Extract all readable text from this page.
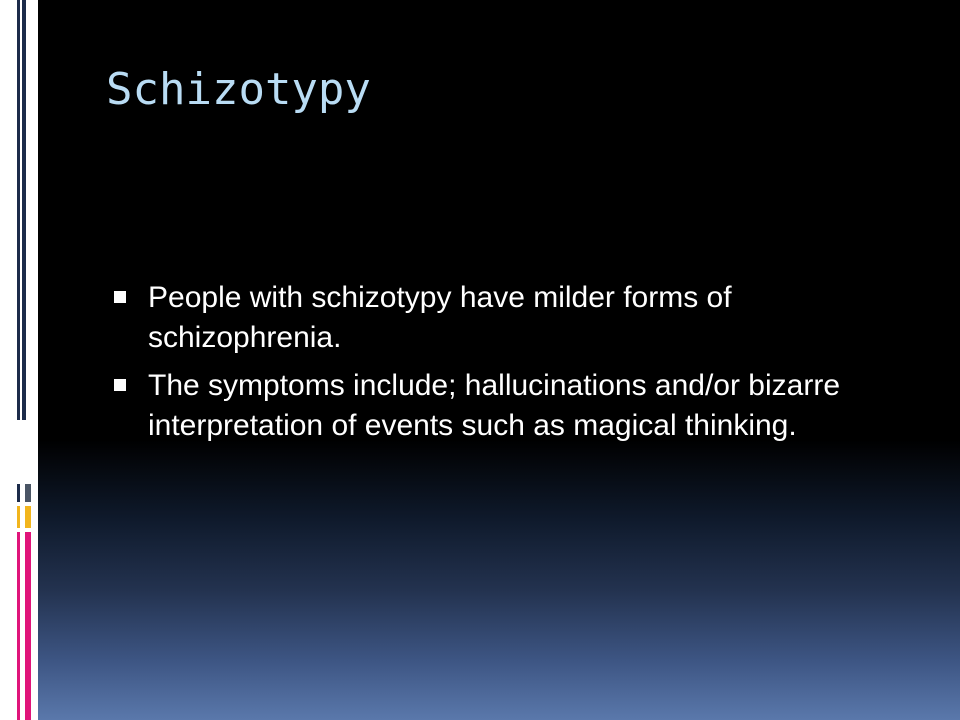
Schizotypy
People with schizotypy have milder forms of schizophrenia.
The symptoms include; hallucinations and/or bizarre interpretation of events such as magical thinking.
